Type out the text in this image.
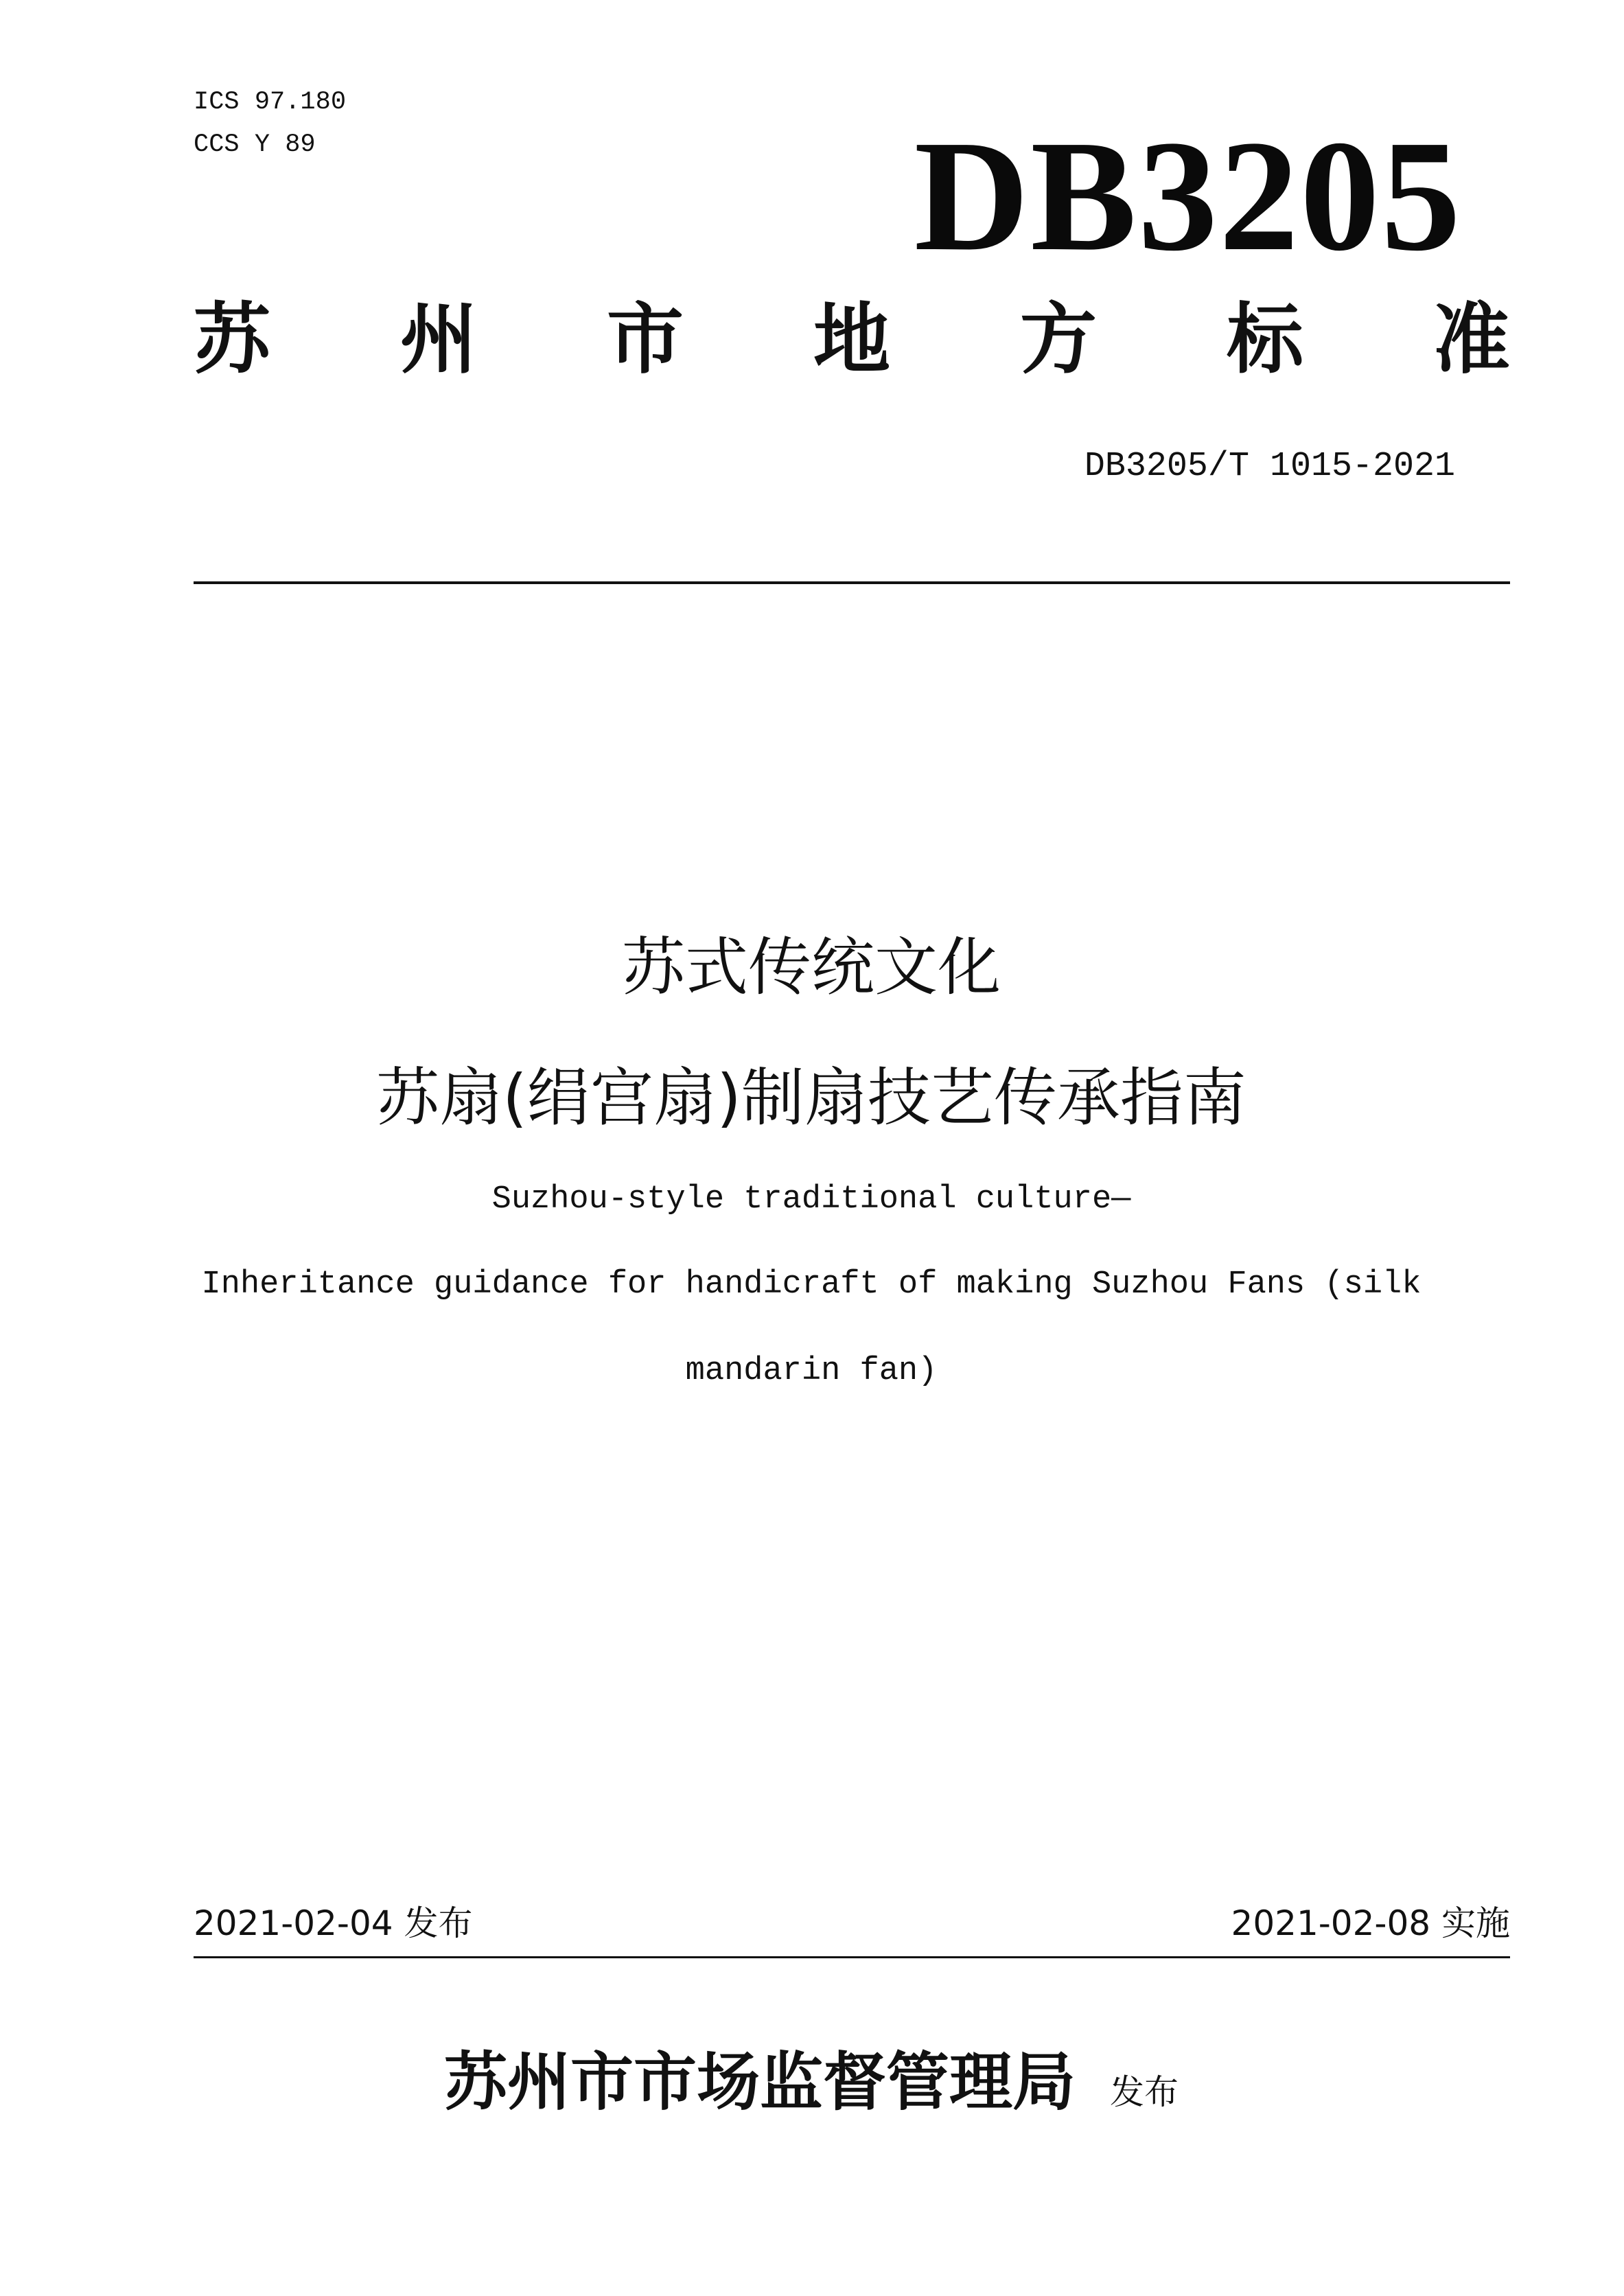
ICS 97.180
CCS Y 89	DB3205
苏 州 市 地 方 标 准
DB3205/T 1015-2021
苏式传统文化
苏扇(绢宫扇)制扇技艺传承指南
Suzhou-style traditional culture—
Inheritance guidance for handicraft of making Suzhou Fans (silk
mandarin fan)
2021-02-04 发布	2021-02-08 实施
苏州市市场监督管理局 发布
